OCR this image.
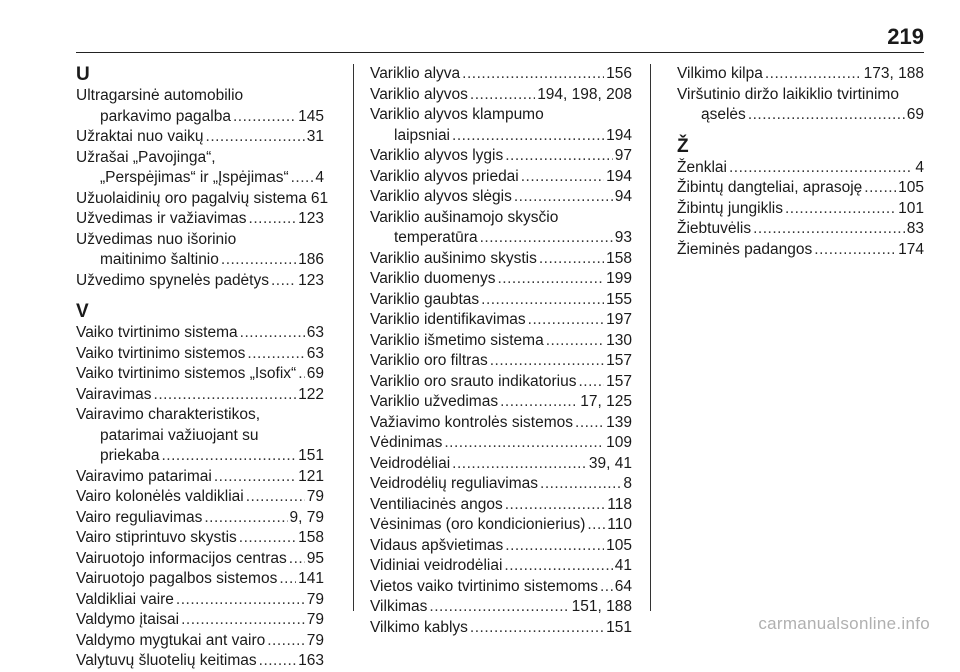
219
U
Ultragarsinė automobilio
parkavimo pagalba .....	145
Užraktai nuo vaikų .....	31
Užrašai „Pavojinga“,
„Perspėjimas“ ir „Įspėjimas“ ..... 4
Užuolaidinių oro pagalvių sistema 61
Užvedimas ir važiavimas .....	123
Užvedimas nuo išorinio
maitinimo šaltinio .....	186
Užvedimo spynelės padėtys ..... 123
V
Vaiko tvirtinimo sistema .....	63
Vaiko tvirtinimo sistemos .....	63
Vaiko tvirtinimo sistemos „Isofix“ ..... 69
Vairavimas .....	122
Vairavimo charakteristikos,
patarimai važiuojant su
priekaba .....	151
Vairavimo patarimai .....	121
Vairo kolonėlės valdikliai .....	79
Vairo reguliavimas .....	9, 79
Vairo stiprintuvo skystis .....	158
Vairuotojo informacijos centras ..... 95
Vairuotojo pagalbos sistemos ..... 141
Valdikliai vaire .....	79
Valdymo įtaisai .....	79
Valdymo mygtukai ant vairo .....	79
Valytuvų šluotelių keitimas .....	163
Variklio alyva .....	156
Variklio alyvos .....	194, 198, 208
Variklio alyvos klampumo
laipsniai .....	194
Variklio alyvos lygis .....	97
Variklio alyvos priedai .....	194
Variklio alyvos slėgis .....	94
Variklio aušinamojo skysčio
temperatūra .....	93
Variklio aušinimo skystis .....	158
Variklio duomenys .....	199
Variklio gaubtas .....	155
Variklio identifikavimas .....	197
Variklio išmetimo sistema .....	130
Variklio oro filtras .....	157
Variklio oro srauto indikatorius ..... 157
Variklio užvedimas .....	17, 125
Važiavimo kontrolės sistemos ..... 139
Vėdinimas .....	109
Veidrodėliai .....	39, 41
Veidrodėlių reguliavimas .....	8
Ventiliacinės angos .....	118
Vėsinimas (oro kondicionierius) ..... 110
Vidaus apšvietimas .....	105
Vidiniai veidrodėliai .....	41
Vietos vaiko tvirtinimo sistemoms ..... 64
Vilkimas .....	151, 188
Vilkimo kablys .....	151
Vilkimo kilpa .....	173, 188
Viršutinio diržo laikiklio tvirtinimo
ąselės .....	69
Ž
Ženklai .....	4
Žibintų dangteliai, aprasoję ..... 105
Žibintų jungiklis .....	101
Žiebtuvėlis .....	83
Žieminės padangos .....	174
carmanualsonline.info
